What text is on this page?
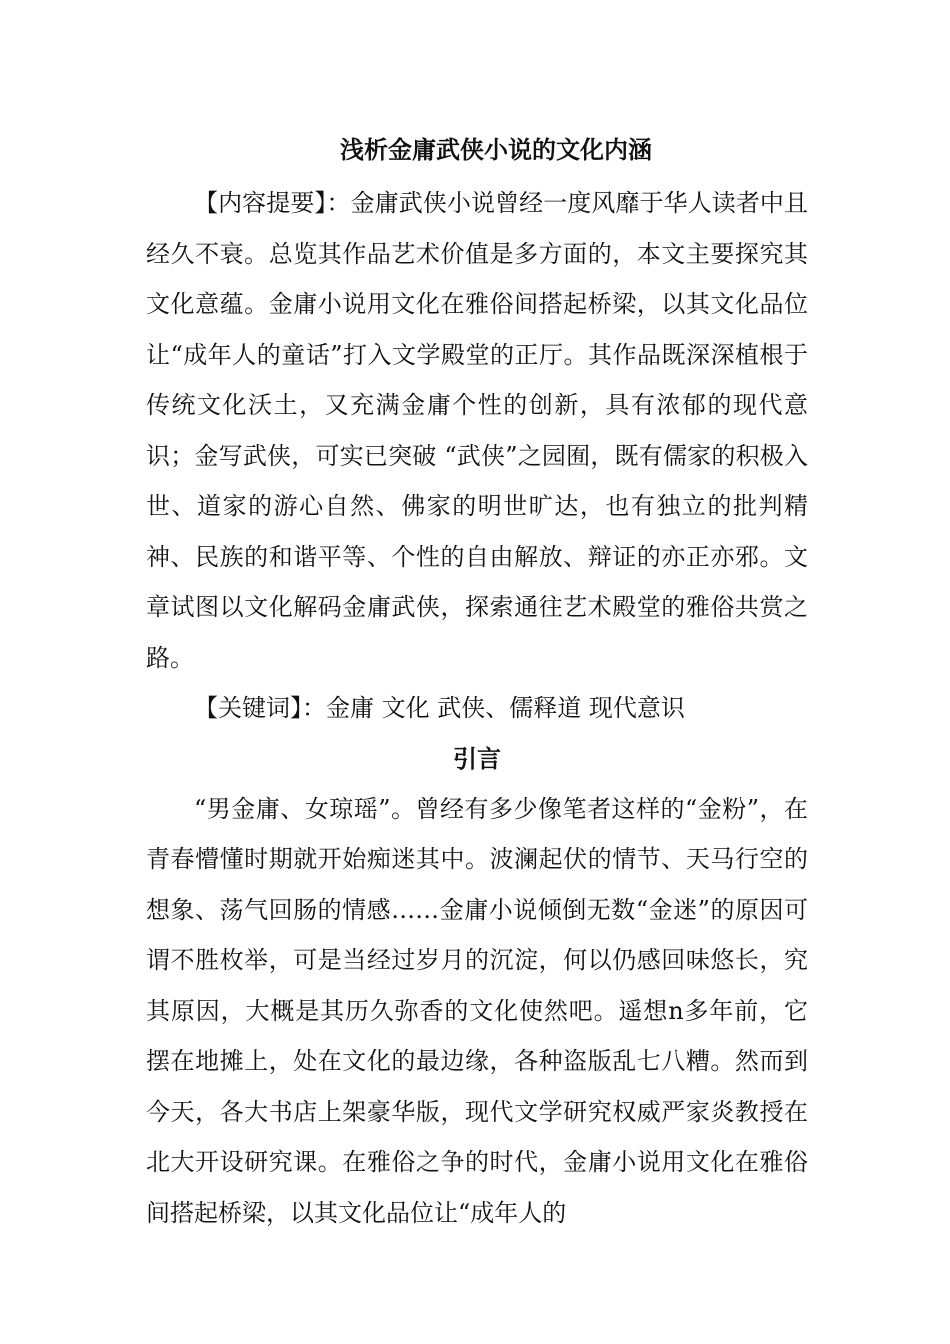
浅析金庸武侠小说的文化内涵

【内容提要】：金庸武侠小说曾经一度风靡于华人读者中且经久不衰。总览其作品艺术价值是多方面的，本文主要探究其文化意蕴。金庸小说用文化在雅俗间搭起桥梁，以其文化品位让“成年人的童话”打入文学殿堂的正厅。其作品既深深植根于传统文化沃土，又充满金庸个性的创新，具有浓郁的现代意识；金写武侠，可实已突破 “武侠”之园囿，既有儒家的积极入世、道家的游心自然、佛家的明世旷达，也有独立的批判精神、民族的和谐平等、个性的自由解放、辩证的亦正亦邪。文章试图以文化解码金庸武侠，探索通往艺术殿堂的雅俗共赏之路。

【关键词】：金庸 文化 武侠、儒释道 现代意识

引言

“男金庸、女琼瑶”。曾经有多少像笔者这样的“金粉”，在青春懵懂时期就开始痴迷其中。波澜起伏的情节、天马行空的想象、荡气回肠的情感……金庸小说倾倒无数“金迷”的原因可谓不胜枚举，可是当经过岁月的沉淀，何以仍感回味悠长，究其原因，大概是其历久弥香的文化使然吧。遥想n多年前，它摆在地摊上，处在文化的最边缘，各种盗版乱七八糟。然而到今天，各大书店上架豪华版，现代文学研究权威严家炎教授在北大开设研究课。在雅俗之争的时代，金庸小说用文化在雅俗间搭起桥梁，以其文化品位让“成年人的
